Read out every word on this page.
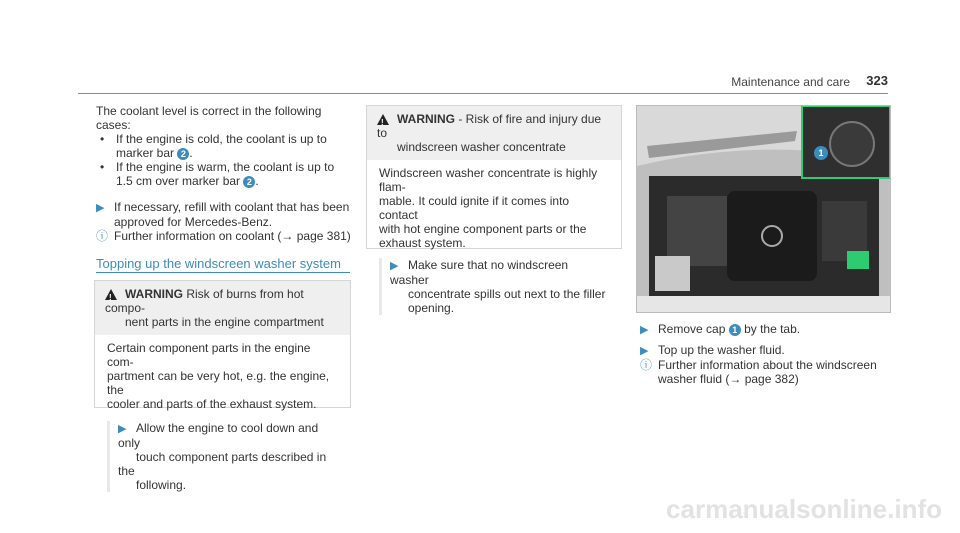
Maintenance and care 323
The coolant level is correct in the following cases:
• If the engine is cold, the coolant is up to
marker bar 2 .
• If the engine is warm, the coolant is up to
1.5 cm over marker bar 2 .
▶ If necessary, refill with coolant that has been
approved for Mercedes-Benz.
ⓘ Further information on coolant (→ page 381)
Topping up the windscreen washer system
!WARNING Risk of burns from hot compo-
nent parts in the engine compartment
Certain component parts in the engine com-
partment can be very hot, e.g. the engine, the
cooler and parts of the exhaust system.
▶ Allow the engine to cool down and only
touch component parts described in the
following.
!WARNING - Risk of fire and injury due to
windscreen washer concentrate
Windscreen washer concentrate is highly flam-
mable. It could ignite if it comes into contact
with hot engine component parts or the
exhaust system.
▶ Make sure that no windscreen washer
concentrate spills out next to the filler
opening.
1
▶ Remove cap 1 by the tab.
▶ Top up the washer fluid.
ⓘ Further information about the windscreen
washer fluid (→ page 382)
carmanualsonline.info
